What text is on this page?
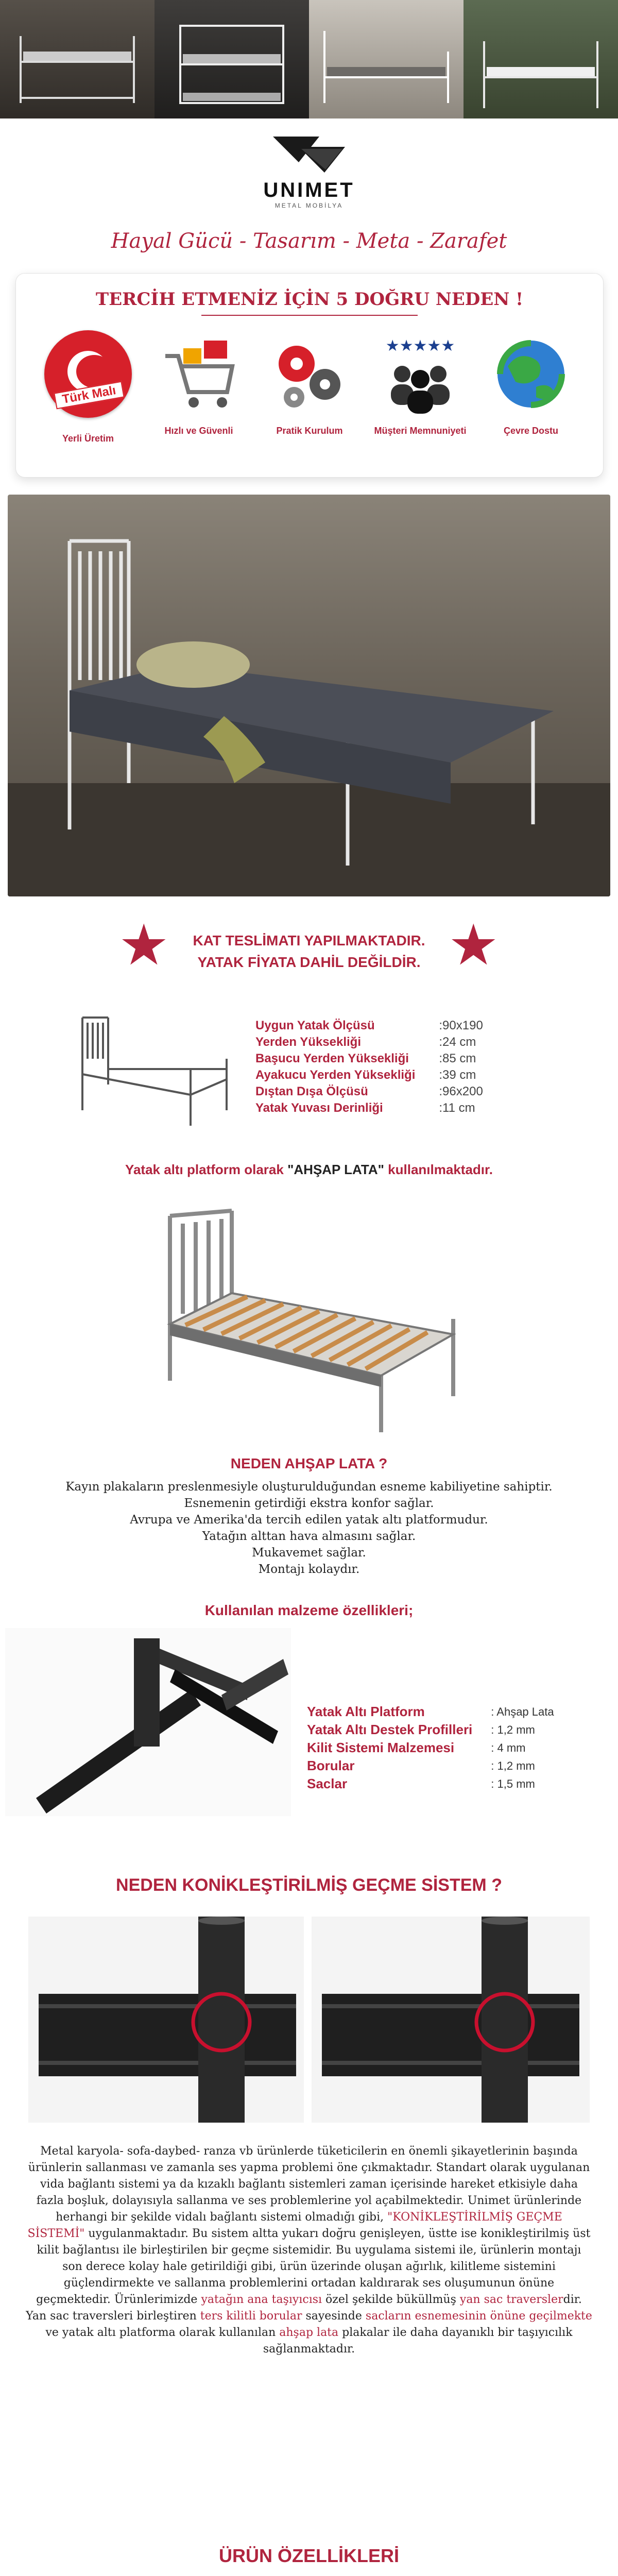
UNIMET
METAL MOBİLYA
Hayal Gücü - Tasarım - Meta - Zarafet
TERCİH ETMENİZ İÇİN 5 DOĞRU NEDEN !
Türk Malı
Yerli Üretim
Hızlı ve Güvenli	Pratik Kurulum
★★★★★
Müşteri Memnuniyeti	Çevre Dostu
★	★
KAT TESLİMATI YAPILMAKTADIR.
YATAK FİYATA DAHİL DEĞİLDİR.
Uygun Yatak Ölçüsü	:90x190
Yerden Yüksekliği	:24 cm
Başucu Yerden Yüksekliği	:85 cm
Ayakucu Yerden Yüksekliği	:39 cm
Dıştan Dışa Ölçüsü	:96x200
Yatak Yuvası Derinliği	:11 cm
Yatak altı platform olarak "AHŞAP LATA" kullanılmaktadır.
NEDEN AHŞAP LATA ?
Kayın plakaların preslenmesiyle oluşturulduğundan esneme kabiliyetine sahiptir.
Esnemenin getirdiği ekstra konfor sağlar.
Avrupa ve Amerika'da tercih edilen yatak altı platformudur.
Yatağın alttan hava almasını sağlar.
Mukavemet sağlar.
Montajı kolaydır.
Kullanılan malzeme özellikleri;
Yatak Altı Platform	: Ahşap Lata
Yatak Altı Destek Profilleri	: 1,2 mm
Kilit Sistemi Malzemesi	: 4 mm
Borular	: 1,2 mm
Saclar	: 1,5 mm
NEDEN KONİKLEŞTİRİLMİŞ GEÇME SİSTEM ?
Metal karyola- sofa-daybed- ranza vb ürünlerde tüketicilerin en önemli şikayetlerinin başında ürünlerin sallanması ve zamanla ses yapma problemi öne çıkmaktadır. Standart olarak uygulanan vida bağlantı sistemi ya da kızaklı bağlantı sistemleri zaman içerisinde hareket etkisiyle daha fazla boşluk, dolayısıyla sallanma ve ses problemlerine yol açabilmektedir. Unimet ürünlerinde herhangi bir şekilde vidalı bağlantı sistemi olmadığı gibi, "KONİKLEŞTİRİLMİŞ GEÇME SİSTEMİ" uygulanmaktadır. Bu sistem altta yukarı doğru genişleyen, üstte ise konikleştirilmiş üst kilit bağlantısı ile birleştirilen bir geçme sistemidir. Bu uygulama sistemi ile, ürünlerin montajı son derece kolay hale getirildiği gibi, ürün üzerinde oluşan ağırlık, kilitleme sistemini güçlendirmekte ve sallanma problemlerini ortadan kaldırarak ses oluşumunun önüne geçmektedir. Ürünlerimizde yatağın ana taşıyıcısı özel şekilde büküllmüş yan sac traverslerdir. Yan sac traversleri birleştiren ters kilitli borular sayesinde sacların esnemesinin önüne geçilmekte ve yatak altı platforma olarak kullanılan ahşap lata plakalar ile daha dayanıklı bir taşıyıcılık sağlanmaktadır.
ÜRÜN ÖZELLİKLERİ
